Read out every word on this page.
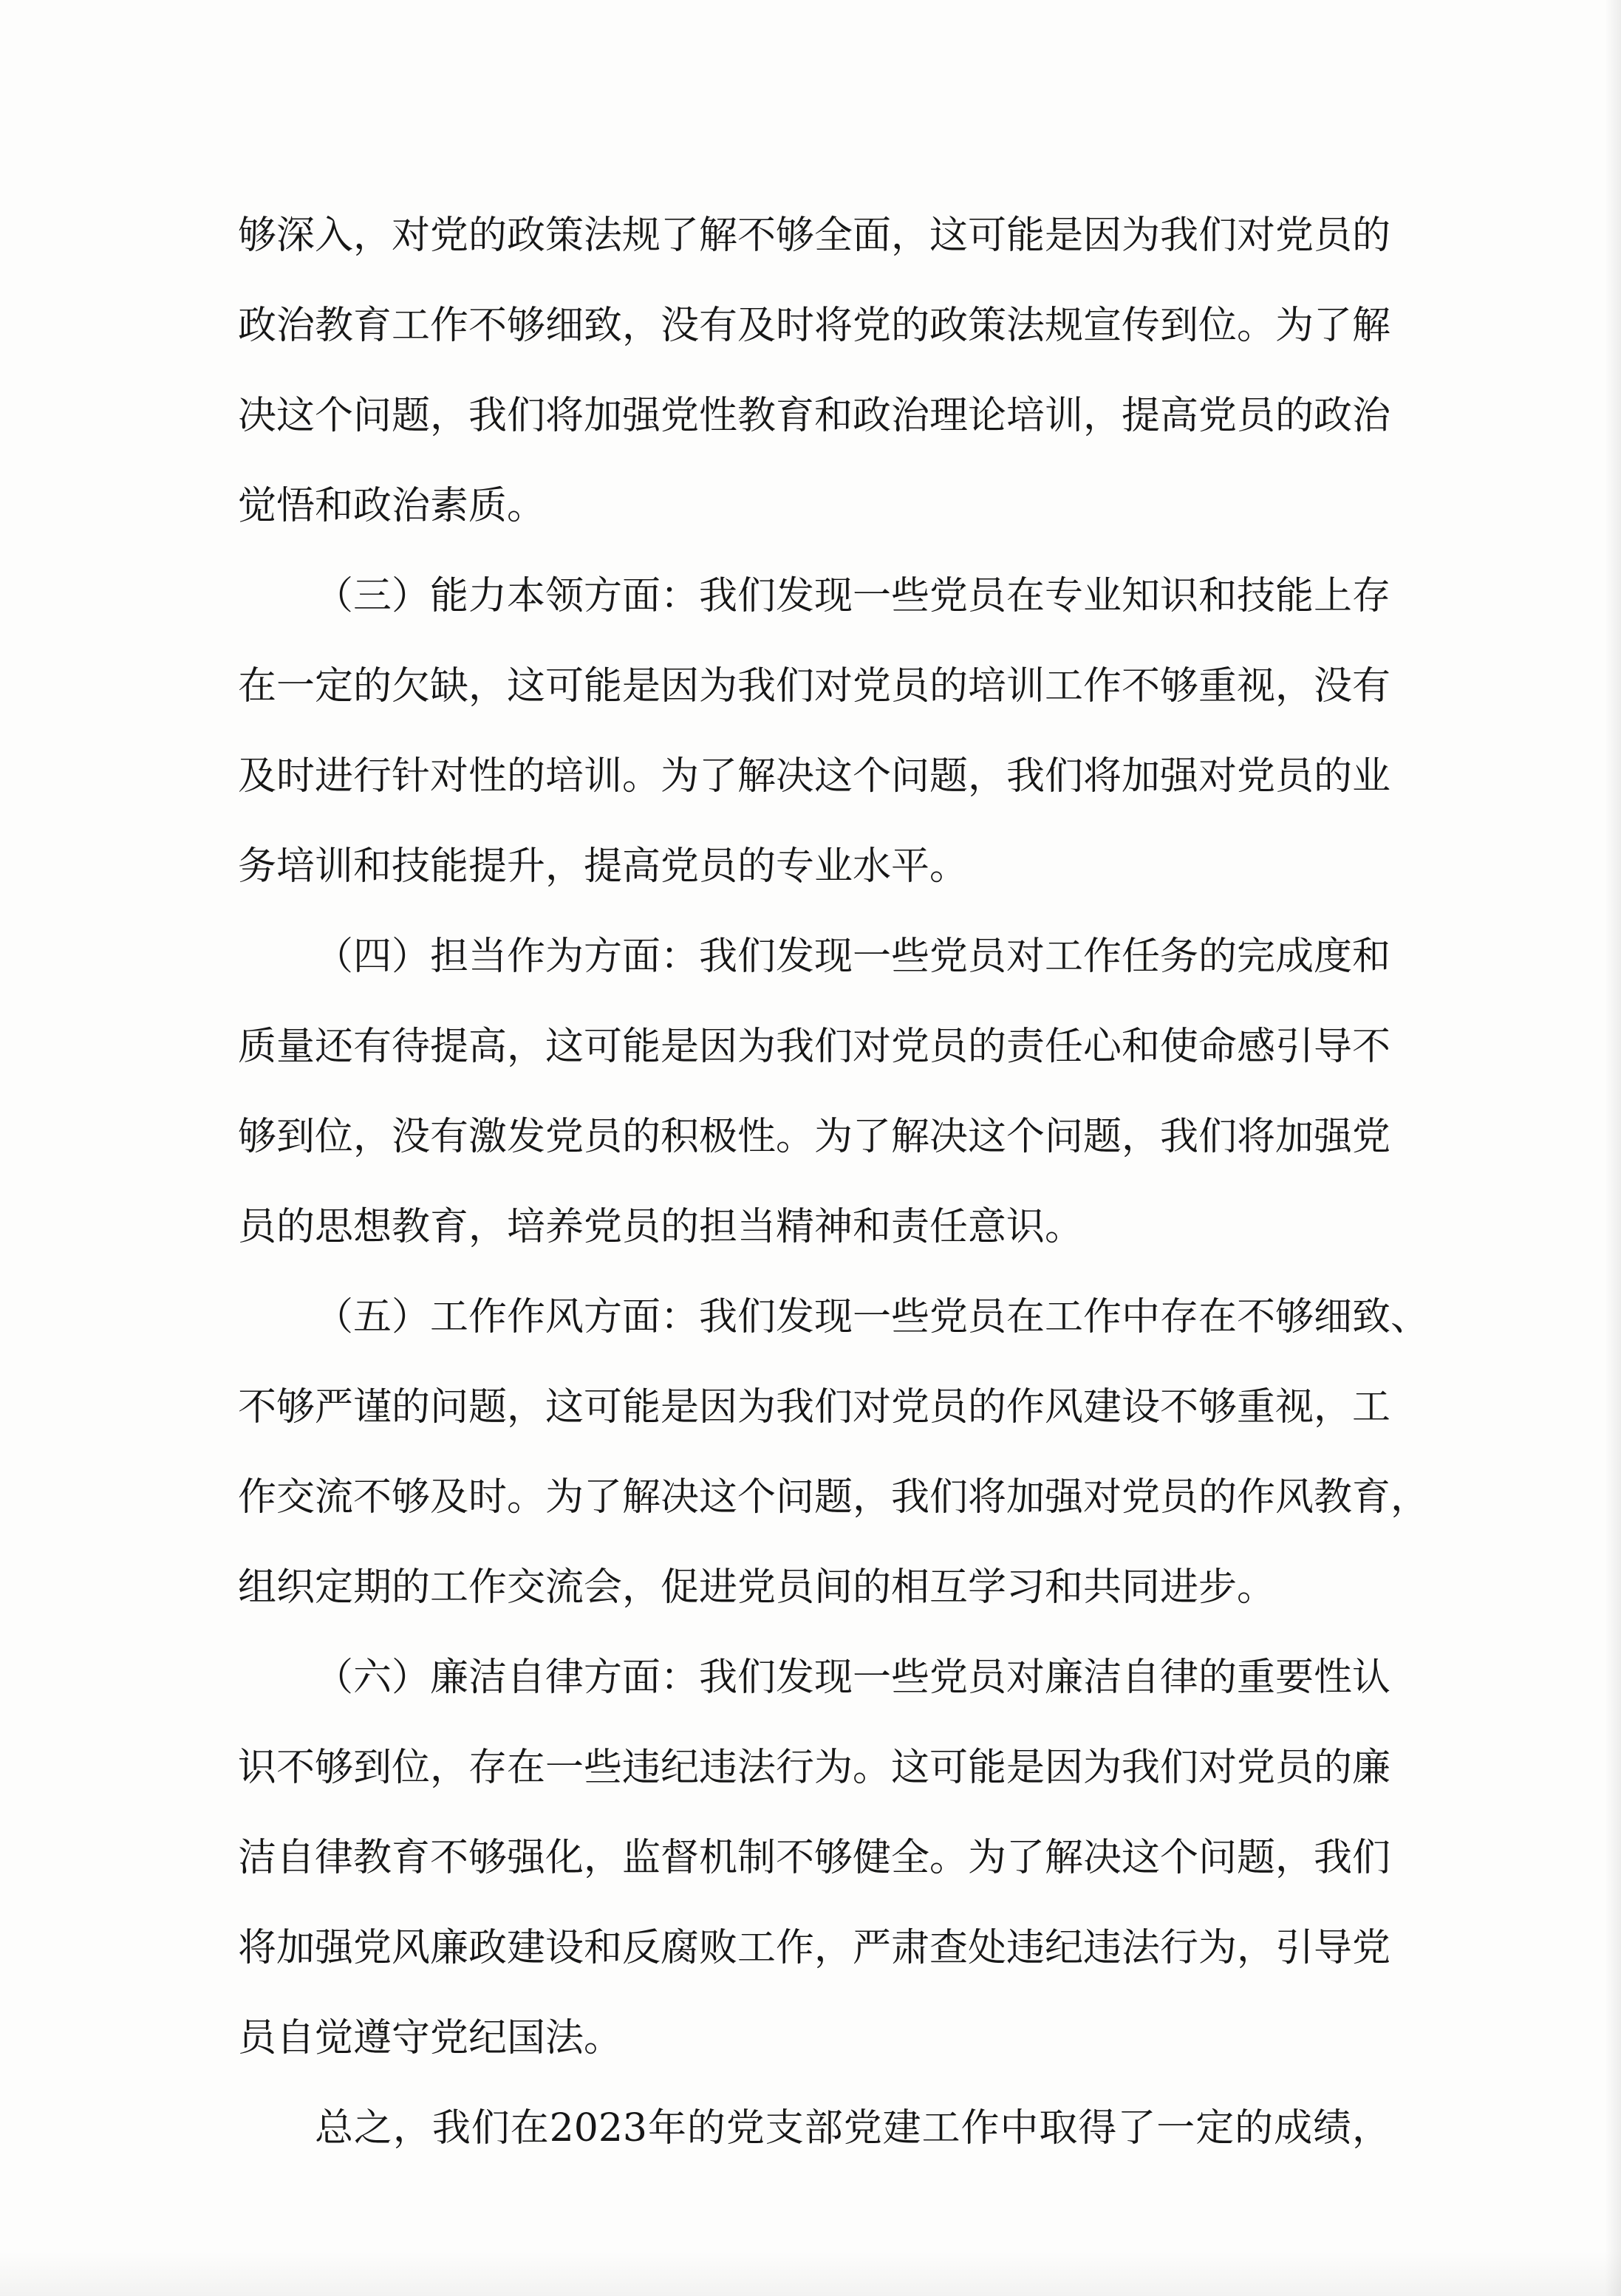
够深入，对党的政策法规了解不够全面，这可能是因为我们对党员的
政治教育工作不够细致，没有及时将党的政策法规宣传到位。为了解
决这个问题，我们将加强党性教育和政治理论培训，提高党员的政治
觉悟和政治素质。
（三）能力本领方面：我们发现一些党员在专业知识和技能上存
在一定的欠缺，这可能是因为我们对党员的培训工作不够重视，没有
及时进行针对性的培训。为了解决这个问题，我们将加强对党员的业
务培训和技能提升，提高党员的专业水平。
（四）担当作为方面：我们发现一些党员对工作任务的完成度和
质量还有待提高，这可能是因为我们对党员的责任心和使命感引导不
够到位，没有激发党员的积极性。为了解决这个问题，我们将加强党
员的思想教育，培养党员的担当精神和责任意识。
（五）工作作风方面：我们发现一些党员在工作中存在不够细致、
不够严谨的问题，这可能是因为我们对党员的作风建设不够重视，工
作交流不够及时。为了解决这个问题，我们将加强对党员的作风教育，
组织定期的工作交流会，促进党员间的相互学习和共同进步。
（六）廉洁自律方面：我们发现一些党员对廉洁自律的重要性认
识不够到位，存在一些违纪违法行为。这可能是因为我们对党员的廉
洁自律教育不够强化，监督机制不够健全。为了解决这个问题，我们
将加强党风廉政建设和反腐败工作，严肃查处违纪违法行为，引导党
员自觉遵守党纪国法。
总之，我们在2023年的党支部党建工作中取得了一定的成绩，
